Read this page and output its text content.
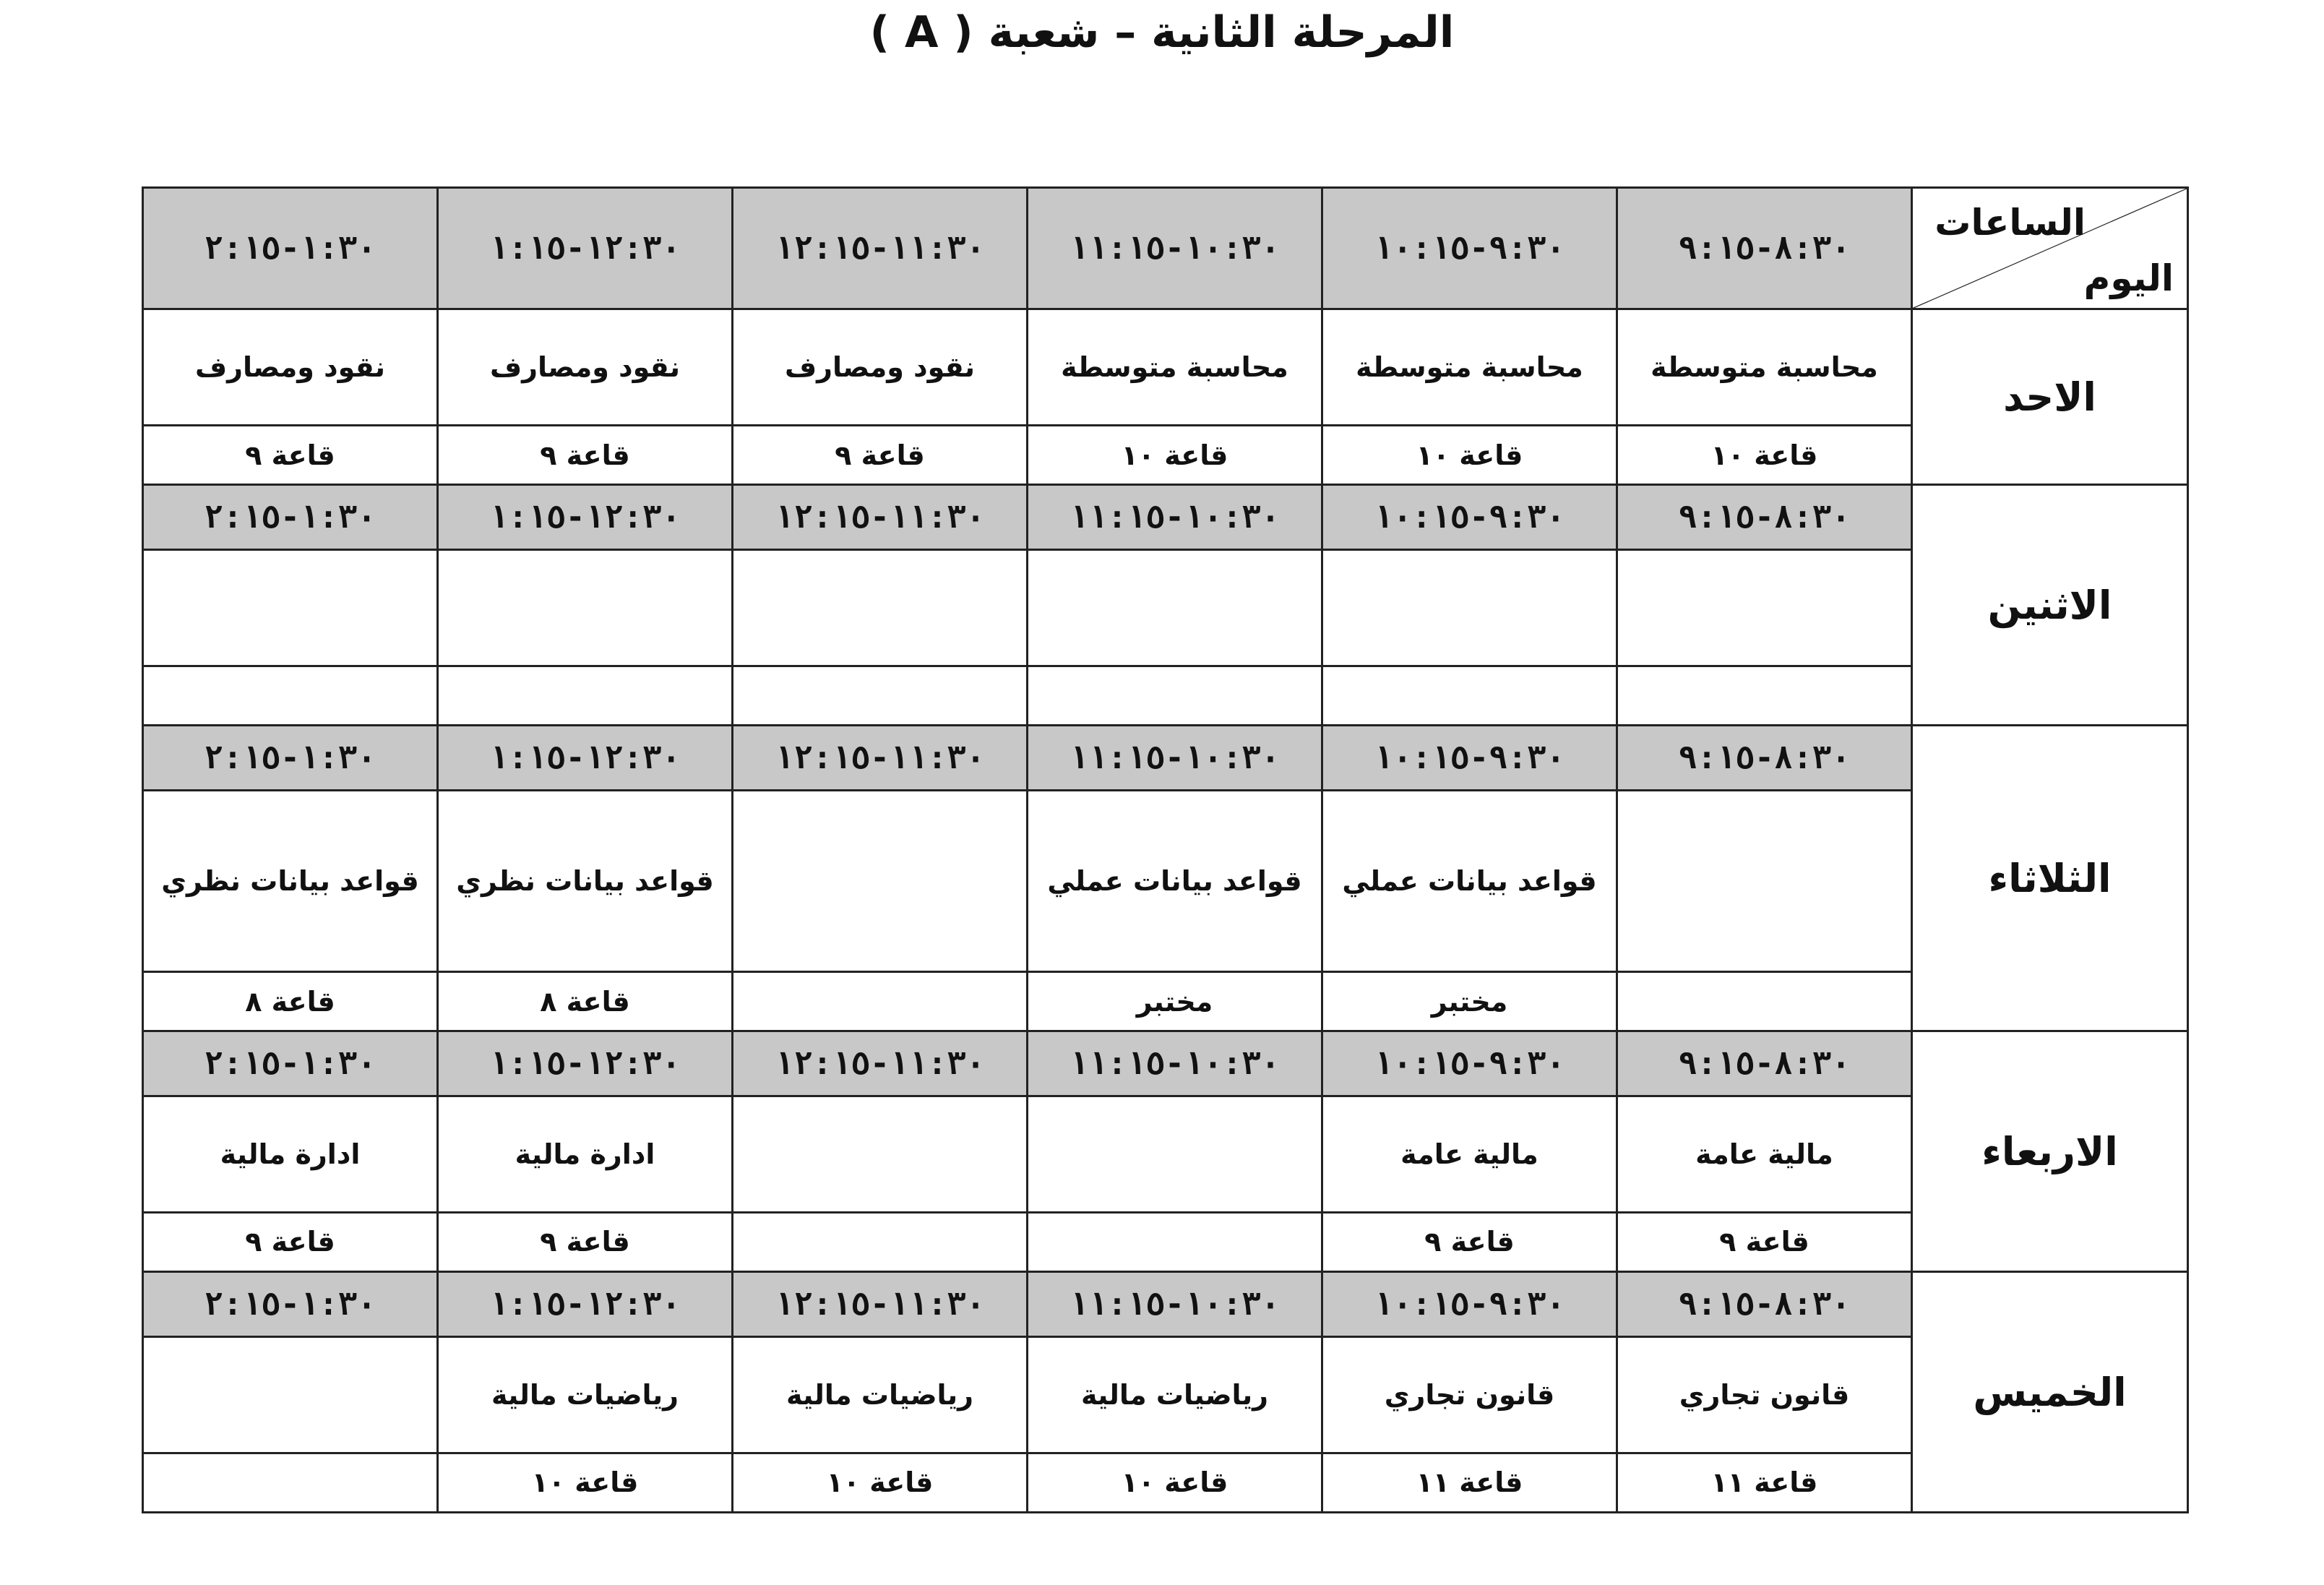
المرحلة الثانية – شعبة ( A )
الساعات
اليوم	٨:٣٠-٩:١٥	٩:٣٠-١٠:١٥	١٠:٣٠-١١:١٥	١١:٣٠-١٢:١٥	١٢:٣٠-١:١٥	١:٣٠-٢:١٥
الاحد	محاسبة متوسطة	محاسبة متوسطة	محاسبة متوسطة	نقود ومصارف	نقود ومصارف	نقود ومصارف
	قاعة ١٠	قاعة ١٠	قاعة ١٠	قاعة ٩	قاعة ٩	قاعة ٩
الاثنين	٨:٣٠-٩:١٥	٩:٣٠-١٠:١٥	١٠:٣٠-١١:١٥	١١:٣٠-١٢:١٥	١٢:٣٠-١:١٥	١:٣٠-٢:١٥

الثلاثاء	٨:٣٠-٩:١٥	٩:٣٠-١٠:١٥	١٠:٣٠-١١:١٥	١١:٣٠-١٢:١٥	١٢:٣٠-١:١٥	١:٣٠-٢:١٥
		قواعد بيانات عملي	قواعد بيانات عملي		قواعد بيانات نظري	قواعد بيانات نظري
		مختبر	مختبر		قاعة ٨	قاعة ٨
الاربعاء	٨:٣٠-٩:١٥	٩:٣٠-١٠:١٥	١٠:٣٠-١١:١٥	١١:٣٠-١٢:١٥	١٢:٣٠-١:١٥	١:٣٠-٢:١٥
	مالية عامة	مالية عامة			ادارة مالية	ادارة مالية
	قاعة ٩	قاعة ٩			قاعة ٩	قاعة ٩
الخميس	٨:٣٠-٩:١٥	٩:٣٠-١٠:١٥	١٠:٣٠-١١:١٥	١١:٣٠-١٢:١٥	١٢:٣٠-١:١٥	١:٣٠-٢:١٥
	قانون تجاري	قانون تجاري	رياضيات مالية	رياضيات مالية	رياضيات مالية	
	قاعة ١١	قاعة ١١	قاعة ١٠	قاعة ١٠	قاعة ١٠	
